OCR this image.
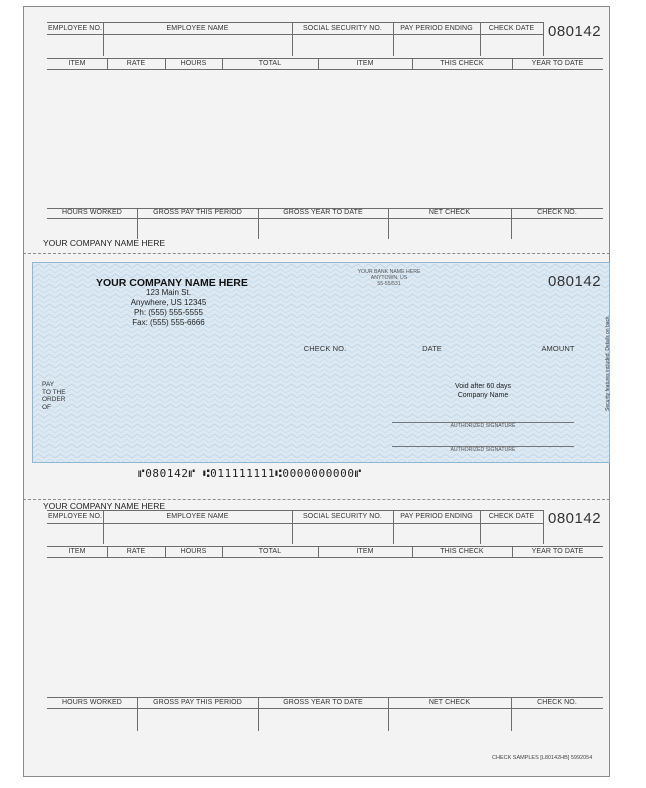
EMPLOYEE NO.	EMPLOYEE NAME	SOCIAL SECURITY NO.	PAY PERIOD ENDING	CHECK DATE 080142
ITEM	RATE	HOURS	TOTAL	ITEM	THIS CHECK	YEAR TO DATE
HOURS WORKED	GROSS PAY THIS PERIOD	GROSS YEAR TO DATE	NET CHECK	CHECK NO.
YOUR COMPANY NAME HERE
YOUR COMPANY NAME HERE
123 Main St.
Anywhere, US 12345
Ph: (555) 555-5555
Fax: (555) 555-6666
YOUR BANK NAME HERE
ANYTOWN, US
55-55/531	080142
CHECK NO.	DATE	AMOUNT
PAY
TO THE
ORDER
OF
Void after 60 days
Company Name
AUTHORIZED SIGNATURE
AUTHORIZED SIGNATURE
Security features included. Details on back.
⑈080142⑈ ⑆011111111⑆0000000000⑈
YOUR COMPANY NAME HERE
EMPLOYEE NO.	EMPLOYEE NAME	SOCIAL SECURITY NO.	PAY PERIOD ENDING	CHECK DATE 080142
ITEM	RATE	HOURS	TOTAL	ITEM	THIS CHECK	YEAR TO DATE
HOURS WORKED	GROSS PAY THIS PERIOD	GROSS YEAR TO DATE	NET CHECK	CHECK NO.
CHECK SAMPLES [L80142HB] 5992054
